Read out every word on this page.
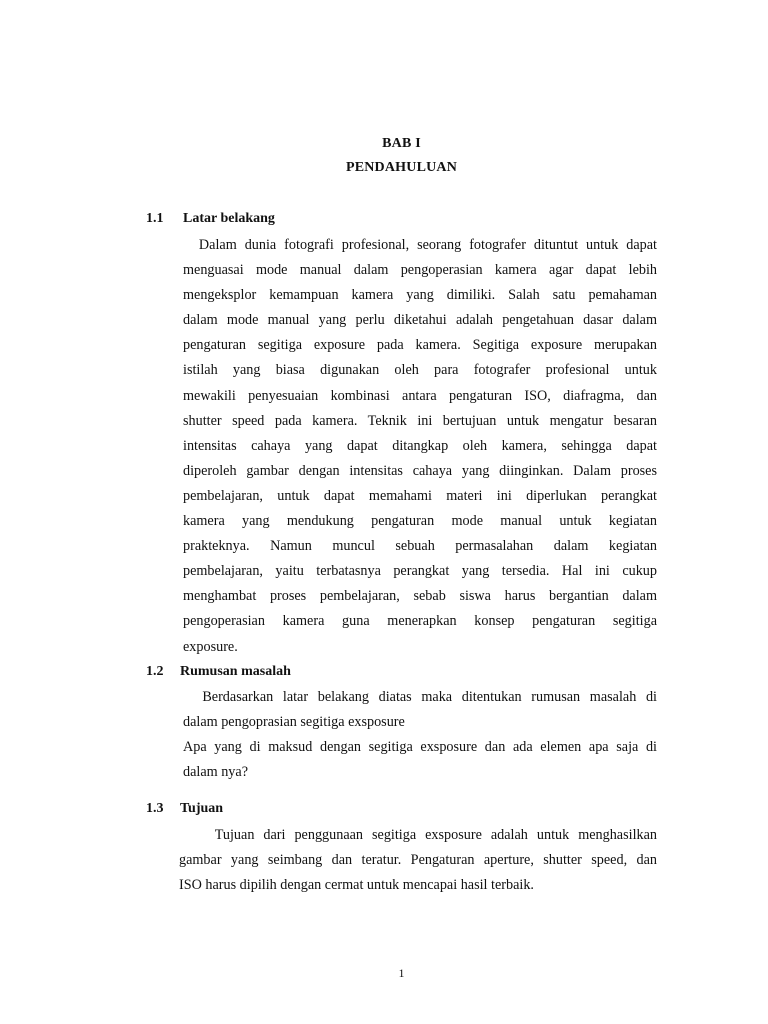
BAB I
PENDAHULUAN
1.1 Latar belakang
Dalam dunia fotografi profesional, seorang fotografer dituntut untuk dapat
menguasai mode manual dalam pengoperasian kamera agar dapat lebih
mengeksplor kemampuan kamera yang dimiliki. Salah satu pemahaman
dalam mode manual yang perlu diketahui adalah pengetahuan dasar dalam
pengaturan segitiga exposure pada kamera. Segitiga exposure merupakan
istilah yang biasa digunakan oleh para fotografer profesional untuk
mewakili penyesuaian kombinasi antara pengaturan ISO, diafragma, dan
shutter speed pada kamera. Teknik ini bertujuan untuk mengatur besaran
intensitas cahaya yang dapat ditangkap oleh kamera, sehingga dapat
diperoleh gambar dengan intensitas cahaya yang diinginkan. Dalam proses
pembelajaran, untuk dapat memahami materi ini diperlukan perangkat
kamera yang mendukung pengaturan mode manual untuk kegiatan
prakteknya. Namun muncul sebuah permasalahan dalam kegiatan
pembelajaran, yaitu terbatasnya perangkat yang tersedia. Hal ini cukup
menghambat proses pembelajaran, sebab siswa harus bergantian dalam
pengoperasian kamera guna menerapkan konsep pengaturan segitiga
exposure.
1.2 Rumusan masalah
Berdasarkan latar belakang diatas maka ditentukan rumusan masalah di
dalam pengoprasian segitiga exsposure
Apa yang di maksud dengan segitiga exsposure dan ada elemen apa saja di
dalam nya?
1.3 Tujuan
Tujuan dari penggunaan segitiga exsposure adalah untuk menghasilkan
gambar yang seimbang dan teratur. Pengaturan aperture, shutter speed, dan
ISO harus dipilih dengan cermat untuk mencapai hasil terbaik.
1
